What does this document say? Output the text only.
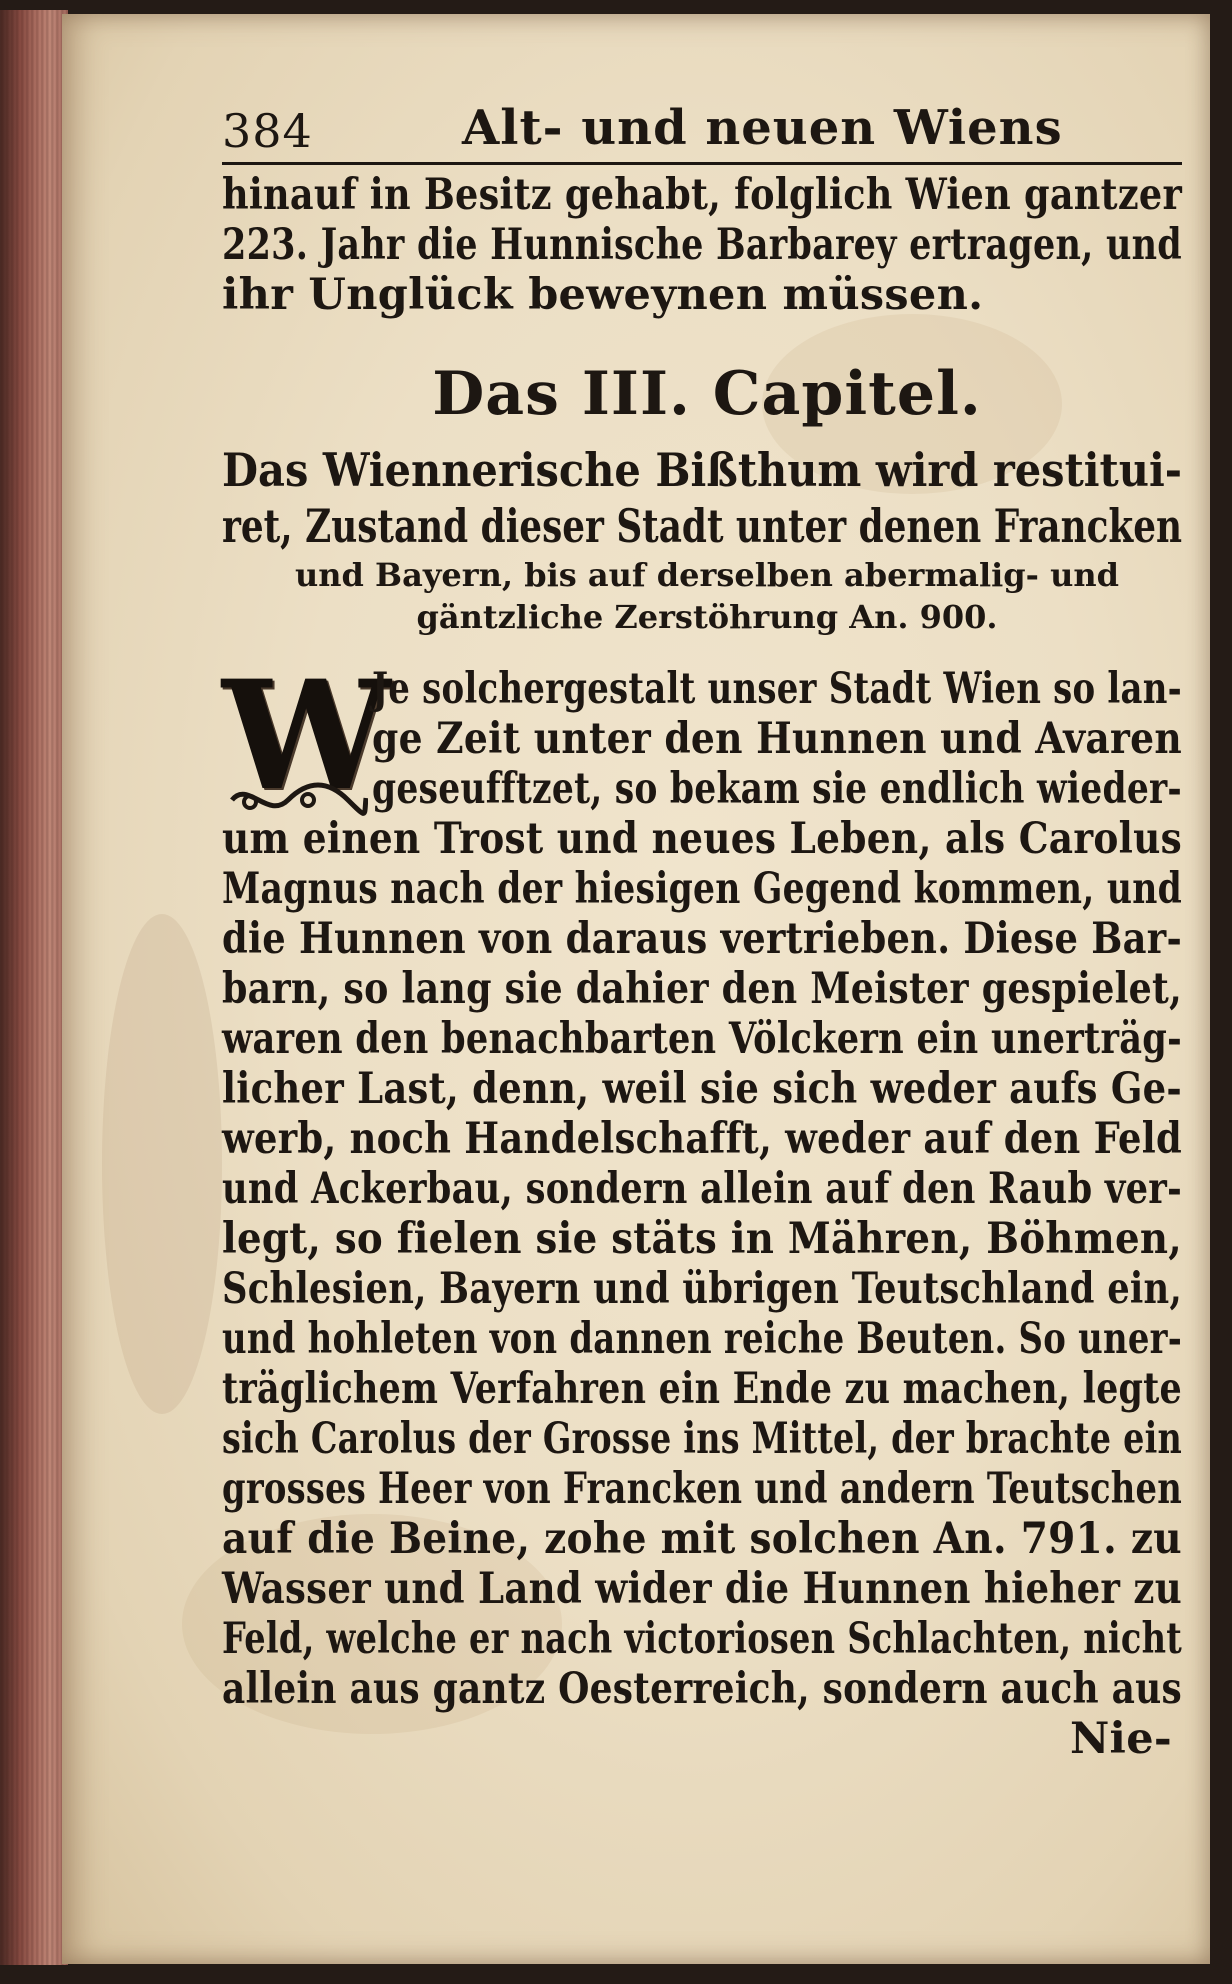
384	Alt- und neuen Wiens
hinauf in Besitz gehabt, folglich Wien gantzer
223. Jahr die Hunnische Barbarey ertragen, und
ihr Unglück beweynen müssen.
Das III. Capitel.
Das Wiennerische Bißthum wird restitui-
ret, Zustand dieser Stadt unter denen Francken
und Bayern, bis auf derselben abermalig- und
gäntzliche Zerstöhrung An. 900.
W
Je solchergestalt unser Stadt Wien so lan-
ge Zeit unter den Hunnen und Avaren
geseufftzet, so bekam sie endlich wieder-
um einen Trost und neues Leben, als Carolus
Magnus nach der hiesigen Gegend kommen, und
die Hunnen von daraus vertrieben. Diese Bar-
barn, so lang sie dahier den Meister gespielet,
waren den benachbarten Völckern ein unerträg-
licher Last, denn, weil sie sich weder aufs Ge-
werb, noch Handelschafft, weder auf den Feld
und Ackerbau, sondern allein auf den Raub ver-
legt, so fielen sie stäts in Mähren, Böhmen,
Schlesien, Bayern und übrigen Teutschland ein,
und hohleten von dannen reiche Beuten. So uner-
träglichem Verfahren ein Ende zu machen, legte
sich Carolus der Grosse ins Mittel, der brachte ein
grosses Heer von Francken und andern Teutschen
auf die Beine, zohe mit solchen An. 791. zu
Wasser und Land wider die Hunnen hieher zu
Feld, welche er nach victoriosen Schlachten, nicht
allein aus gantz Oesterreich, sondern auch aus
Nie-
